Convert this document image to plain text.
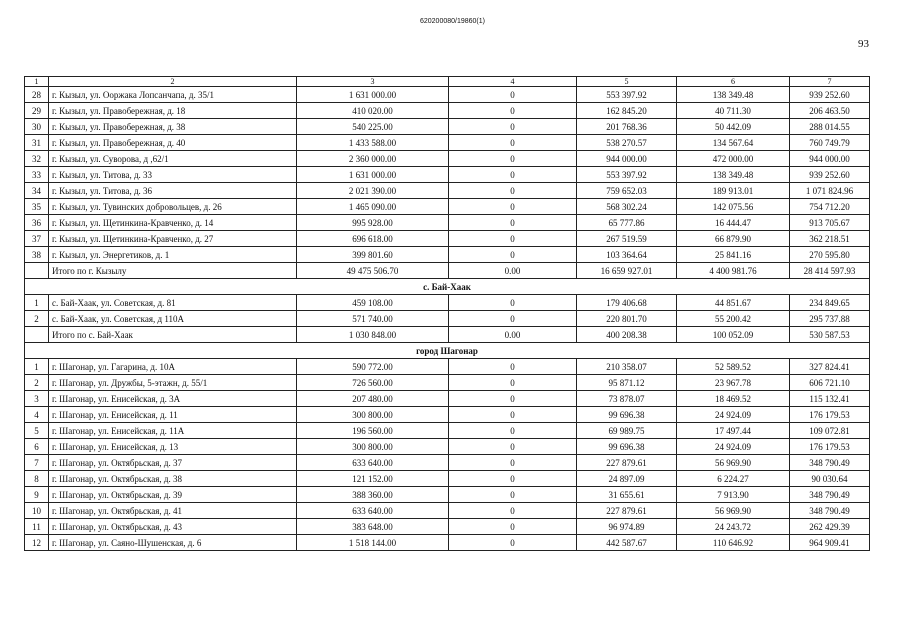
620200080/19860(1)
93
1	2	3	4	5	6	7
28	г. Кызыл, ул. Ооржака Лопсанчапа, д. 35/1	1 631 000.00	0	553 397.92	138 349.48	939 252.60
29	г. Кызыл, ул. Правобережная, д. 18	410 020.00	0	162 845.20	40 711.30	206 463.50
30	г. Кызыл, ул. Правобережная, д. 38	540 225.00	0	201 768.36	50 442.09	288 014.55
31	г. Кызыл, ул. Правобережная, д. 40	1 433 588.00	0	538 270.57	134 567.64	760 749.79
32	г. Кызыл, ул. Суворова, д ,62/1	2 360 000.00	0	944 000.00	472 000.00	944 000.00
33	г. Кызыл, ул. Титова, д. 33	1 631 000.00	0	553 397.92	138 349.48	939 252.60
34	г. Кызыл, ул. Титова, д. 36	2 021 390.00	0	759 652.03	189 913.01	1 071 824.96
35	г. Кызыл, ул. Тувинских добровольцев, д. 26	1 465 090.00	0	568 302.24	142 075.56	754 712.20
36	г. Кызыл, ул. Щетинкина-Кравченко, д. 14	995 928.00	0	65 777.86	16 444.47	913 705.67
37	г. Кызыл, ул. Щетинкина-Кравченко, д. 27	696 618.00	0	267 519.59	66 879.90	362 218.51
38	г. Кызыл, ул. Энергетиков, д. 1	399 801.60	0	103 364.64	25 841.16	270 595.80
	Итого по г. Кызылу	49 475 506.70	0.00	16 659 927.01	4 400 981.76	28 414 597.93
с. Бай-Хаак						
1	с. Бай-Хаак, ул. Советская, д. 81	459 108.00	0	179 406.68	44 851.67	234 849.65
2	с. Бай-Хаак, ул. Советская, д 110А	571 740.00	0	220 801.70	55 200.42	295 737.88
	Итого по с. Бай-Хаак	1 030 848.00	0.00	400 208.38	100 052.09	530 587.53
город Шагонар						
1	г. Шагонар, ул. Гагарина, д. 10А	590 772.00	0	210 358.07	52 589.52	327 824.41
2	г. Шагонар, ул. Дружбы, 5-этажн, д. 55/1	726 560.00	0	95 871.12	23 967.78	606 721.10
3	г. Шагонар, ул. Енисейская, д. 3А	207 480.00	0	73 878.07	18 469.52	115 132.41
4	г. Шагонар, ул. Енисейская, д. 11	300 800.00	0	99 696.38	24 924.09	176 179.53
5	г. Шагонар, ул. Енисейская, д. 11А	196 560.00	0	69 989.75	17 497.44	109 072.81
6	г. Шагонар, ул. Енисейская, д. 13	300 800.00	0	99 696.38	24 924.09	176 179.53
7	г. Шагонар, ул. Октябрьская, д. 37	633 640.00	0	227 879.61	56 969.90	348 790.49
8	г. Шагонар, ул. Октябрьская, д. 38	121 152.00	0	24 897.09	6 224.27	90 030.64
9	г. Шагонар, ул. Октябрьская, д. 39	388 360.00	0	31 655.61	7 913.90	348 790.49
10	г. Шагонар, ул. Октябрьская, д. 41	633 640.00	0	227 879.61	56 969.90	348 790.49
11	г. Шагонар, ул. Октябрьская, д. 43	383 648.00	0	96 974.89	24 243.72	262 429.39
12	г. Шагонар, ул. Саяно-Шушенская, д. 6	1 518 144.00	0	442 587.67	110 646.92	964 909.41
